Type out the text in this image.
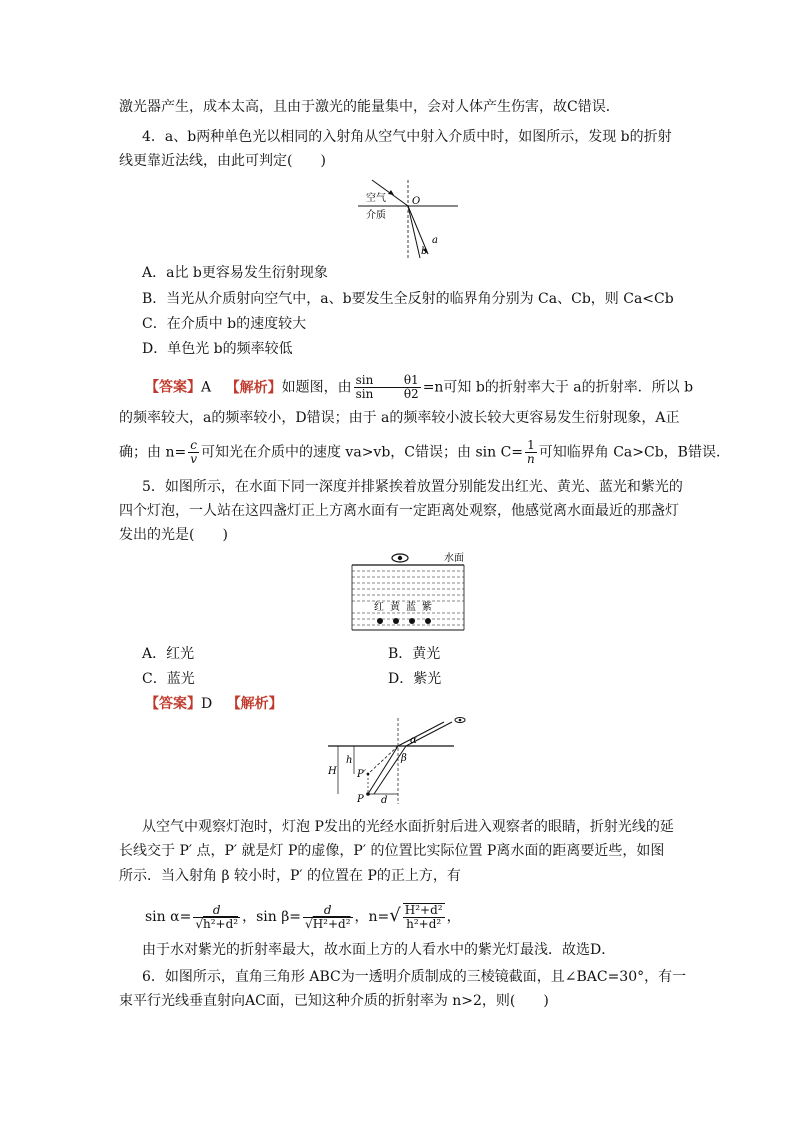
激光器产生，成本太高，且由于激光的能量集中，会对人体产生伤害，故C错误．
4．a、b两种单色光以相同的入射角从空气中射入介质中时，如图所示，发现 b的折射
线更靠近法线，由此可判定(　　)
空气
介质
O
a
b
A．a比 b更容易发生衍射现象
B．当光从介质射向空气中，a、b要发生全反射的临界角分别为 Ca、Cb，则 Ca<Cb
C．在介质中 b的速度较大
D．单色光 b的频率较低
【答案】A 【解析】如题图，由 sin	θ1
sin	θ2 =n可知 b的折射率大于 a的折射率．所以 b
的频率较大，a的频率较小，D错误；由于 a的频率较小波长较大更容易发生衍射现象，A正
确；由 $n= \frac{c}{v}$ 可知光在介质中的速度 va>vb，C错误；由 $\sin C= \frac{1}{n}$ 可知临界角 Ca>Cb，B错误．
5．如图所示，在水面下同一深度并排紧挨着放置分别能发出红光、黄光、蓝光和紫光的
四个灯泡，一人站在这四盏灯正上方离水面有一定距离处观察，他感觉离水面最近的那盏灯
发出的光是(　　)
水面
红 黄 蓝 紫
A．红光	B．黄光
C．蓝光	D．紫光
【答案】D 【解析】
H
h
P
P′
d
α
β
从空气中观察灯泡时，灯泡 P发出的光经水面折射后进入观察者的眼睛，折射光线的延
长线交于 P′ 点，P′ 就是灯 P的虚像，P′ 的位置比实际位置 P离水面的距离要近些，如图
所示．当入射角 β 较小时，P′ 的位置在 P的正上方，有
$\sin \alpha= \frac{d}{\text{√h²+d²}}$ ，$\sin \beta= \frac{d}{\text{√H²+d²}}$ ，$n=√ \frac{\text{H²+d²}}{\text{h²+d²}}$ ，
由于水对紫光的折射率最大，故水面上方的人看水中的紫光灯最浅．故选D．
6．如图所示，直角三角形 ABC为一透明介质制成的三棱镜截面，且∠BAC=30°，有一
束平行光线垂直射向AC面，已知这种介质的折射率为 n>2，则(　　)
